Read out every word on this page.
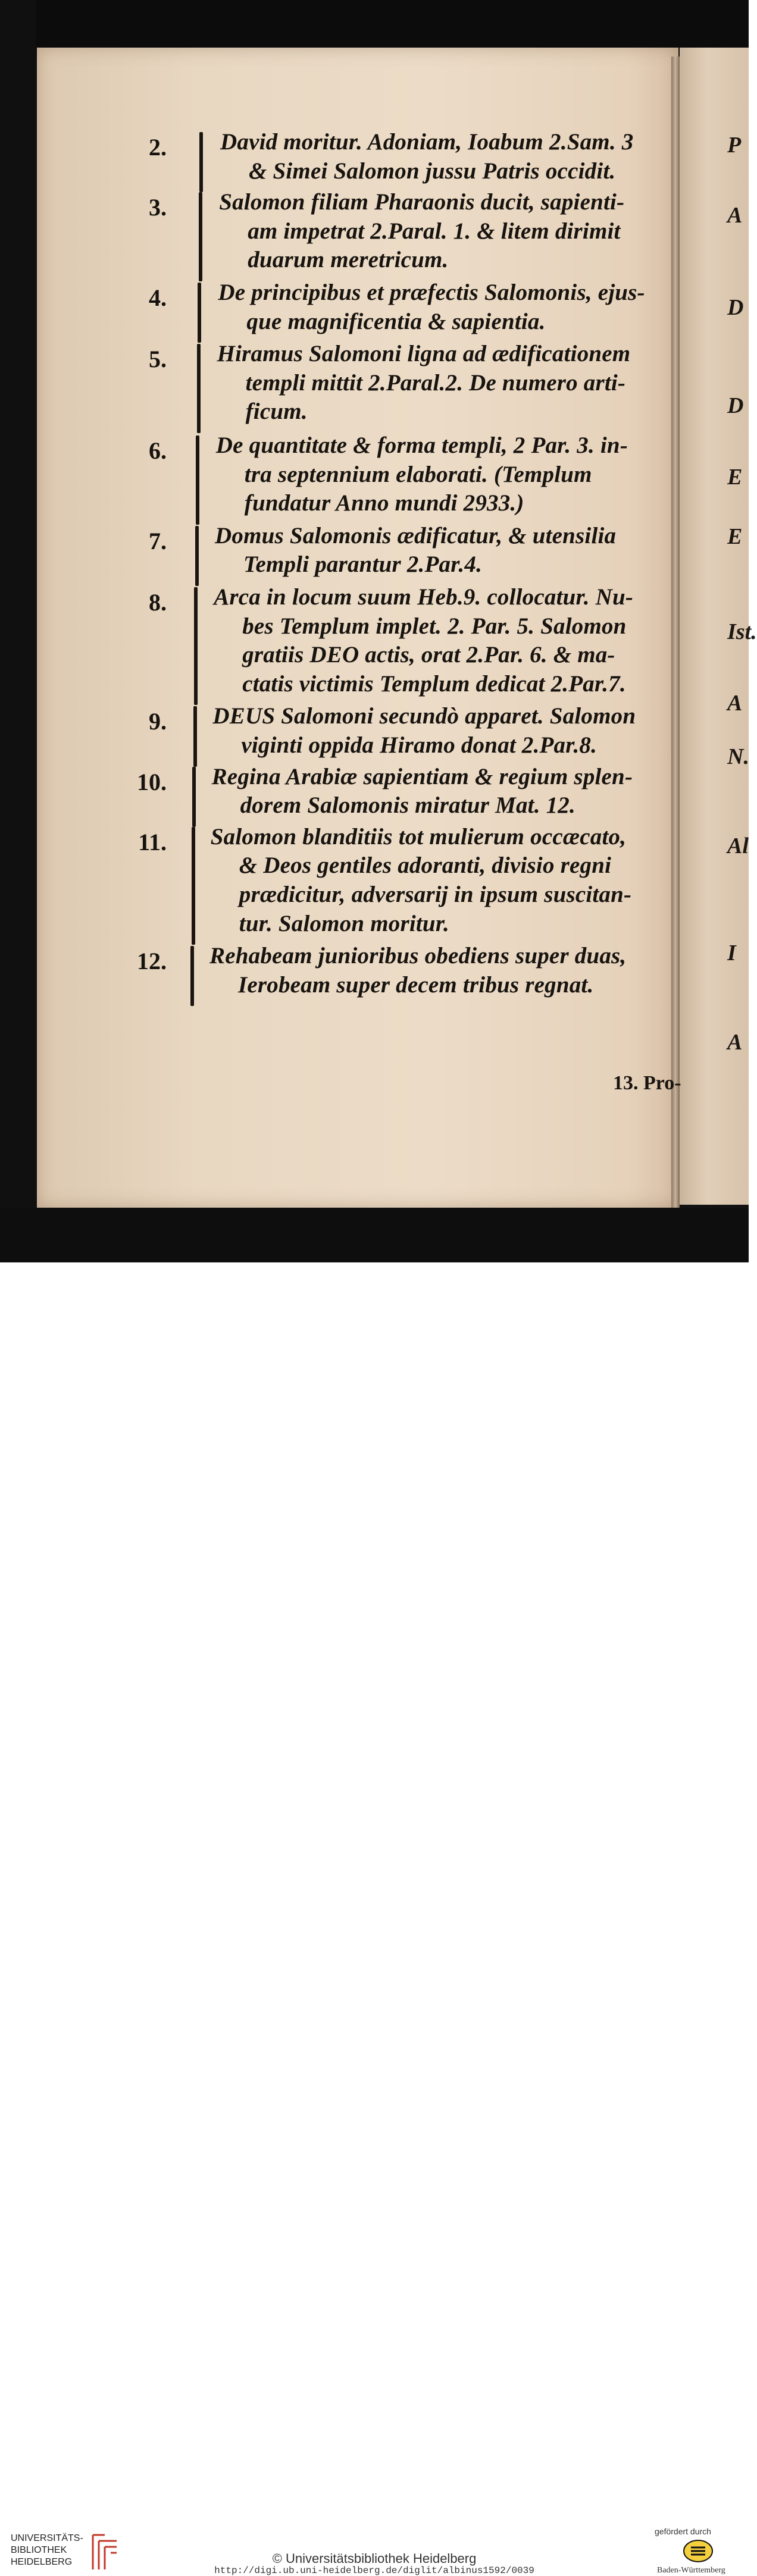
P
A
D
D
E
E
Ist.
A
N.
Al
I
A
2. David moritur. Adoniam, Ioabum 2.Sam. 3
& Simei Salomon jussu Patris occidit.
3. Salomon filiam Pharaonis ducit, sapienti-
am impetrat 2.Paral. 1. & litem dirimit
duarum meretricum.
4. De principibus et præfectis Salomonis, ejus-
que magnificentia & sapientia.
5. Hiramus Salomoni ligna ad ædificationem
templi mittit 2.Paral.2. De numero arti-
ficum.
6. De quantitate & forma templi, 2 Par. 3. in-
tra septennium elaborati. (Templum
fundatur Anno mundi 2933.)
7. Domus Salomonis ædificatur, & utensilia
Templi parantur 2.Par.4.
8. Arca in locum suum Heb.9. collocatur. Nu-
bes Templum implet. 2. Par. 5. Salomon
gratiis DEO actis, orat 2.Par. 6. & ma-
ctatis victimis Templum dedicat 2.Par.7.
9. DEUS Salomoni secundò apparet. Salomon
viginti oppida Hiramo donat 2.Par.8.
10. Regina Arabiæ sapientiam & regium splen-
dorem Salomonis miratur Mat. 12.
11. Salomon blanditiis tot mulierum occæcato,
& Deos gentiles adoranti, divisio regni
prædicitur, adversarij in ipsum suscitan-
tur. Salomon moritur.
12. Rehabeam junioribus obediens super duas,
Ierobeam super decem tribus regnat.
13. Pro-
UNIVERSITÄTS-
BIBLIOTHEK
HEIDELBERG	© Universitätsbibliothek Heidelberg
http://digi.ub.uni-heidelberg.de/diglit/albinus1592/0039
gefördert durch
Baden-Württemberg
